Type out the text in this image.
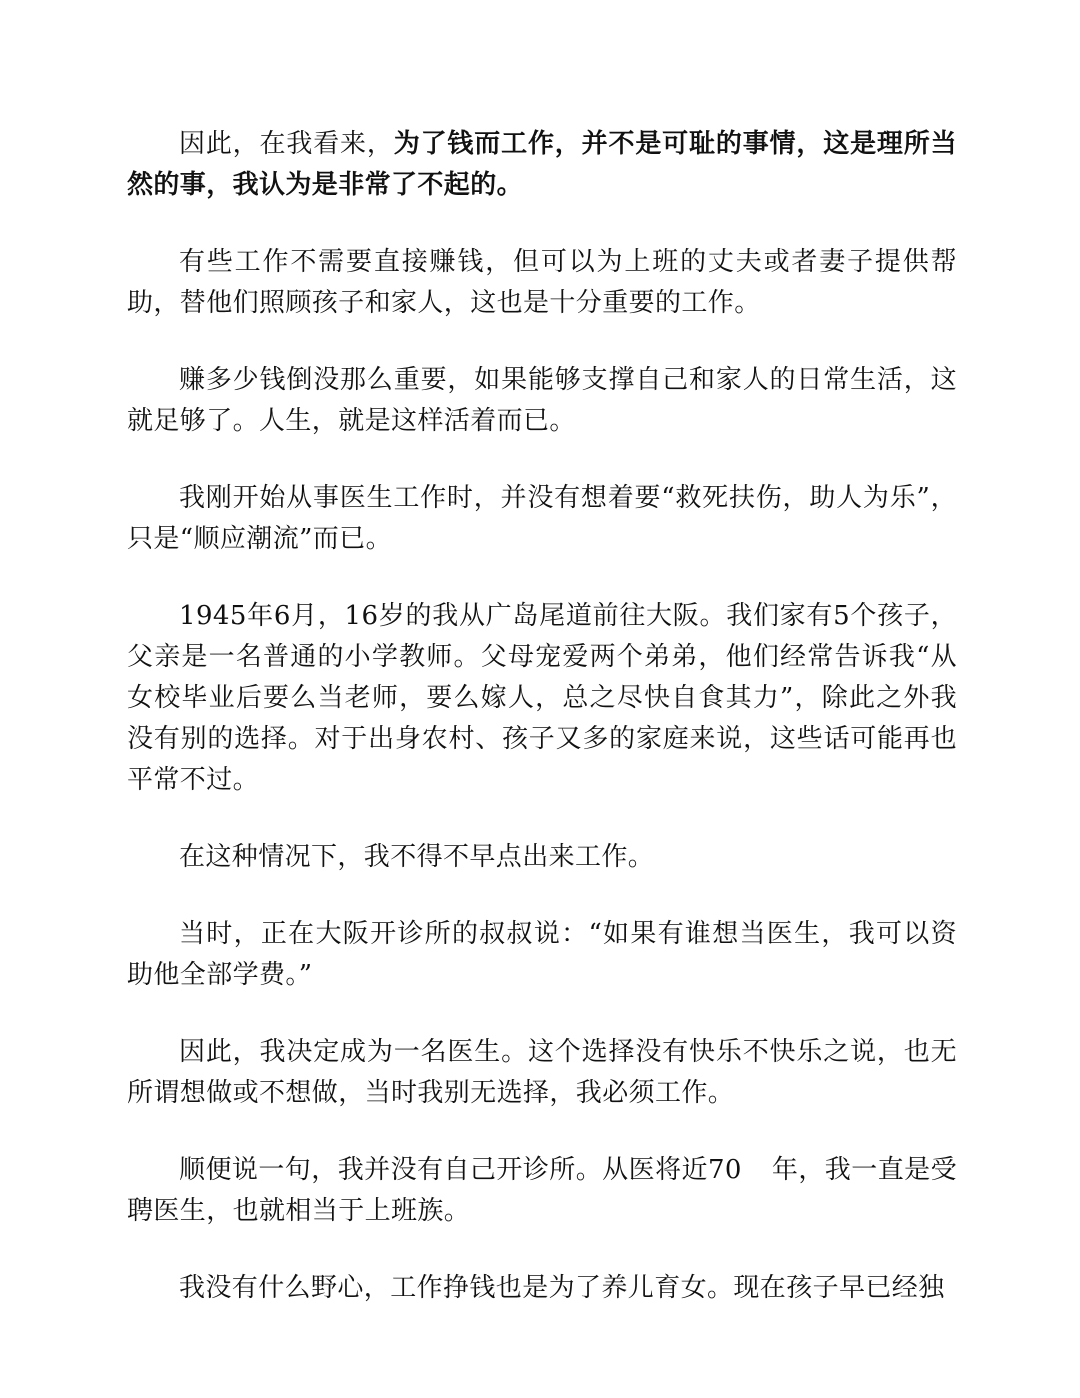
因此，在我看来，为了钱而工作，并不是可耻的事情，这是理所当然的事，我认为是非常了不起的。

有些工作不需要直接赚钱，但可以为上班的丈夫或者妻子提供帮助，替他们照顾孩子和家人，这也是十分重要的工作。

赚多少钱倒没那么重要，如果能够支撑自己和家人的日常生活，这就足够了。人生，就是这样活着而已。

我刚开始从事医生工作时，并没有想着要“救死扶伤，助人为乐”，只是“顺应潮流”而已。

1945年6月，16岁的我从广岛尾道前往大阪。我们家有5个孩子，父亲是一名普通的小学教师。父母宠爱两个弟弟，他们经常告诉我“从女校毕业后要么当老师，要么嫁人，总之尽快自食其力”，除此之外我没有别的选择。对于出身农村、孩子又多的家庭来说，这些话可能再也平常不过。

在这种情况下，我不得不早点出来工作。

当时，正在大阪开诊所的叔叔说：“如果有谁想当医生，我可以资助他全部学费。”

因此，我决定成为一名医生。这个选择没有快乐不快乐之说，也无所谓想做或不想做，当时我别无选择，我必须工作。

顺便说一句，我并没有自己开诊所。从医将近70 年，我一直是受聘医生，也就相当于上班族。

我没有什么野心，工作挣钱也是为了养儿育女。现在孩子早已经独
